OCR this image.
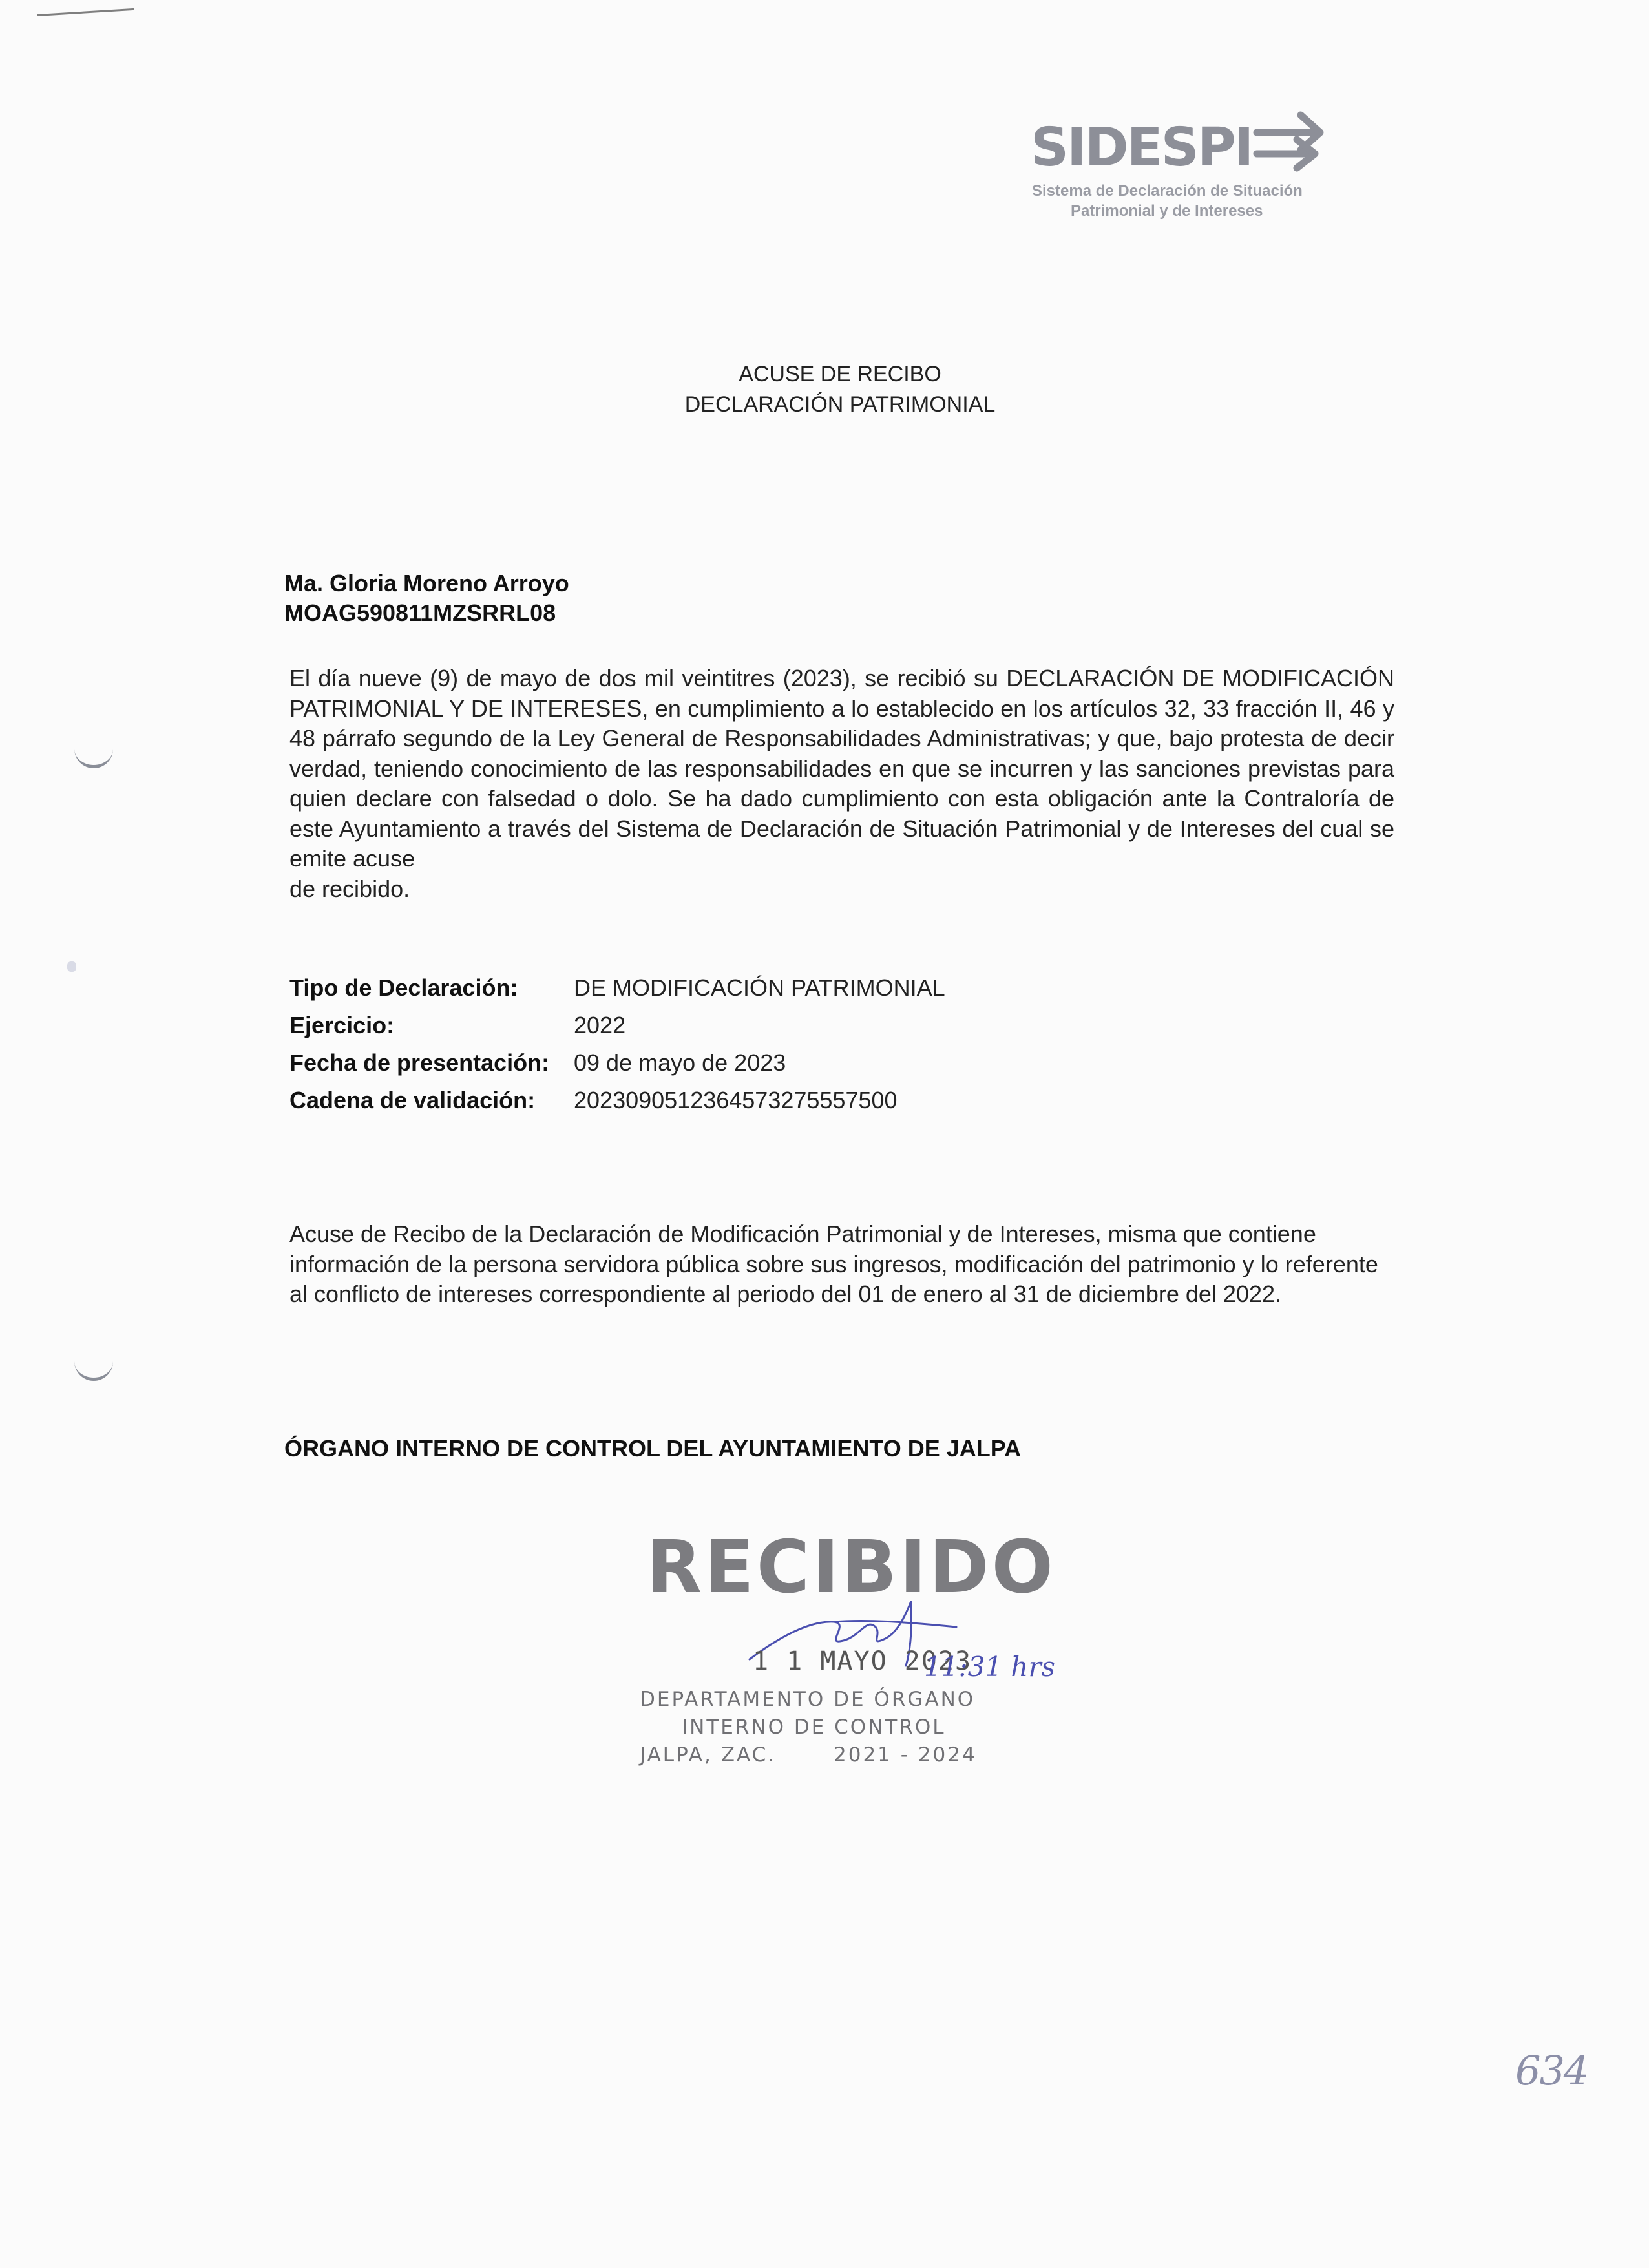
SIDESPI
Sistema de Declaración de Situación
Patrimonial y de Intereses
ACUSE DE RECIBO
DECLARACIÓN PATRIMONIAL
Ma. Gloria Moreno Arroyo
MOAG590811MZSRRL08
El día nueve (9) de mayo de dos mil veintitres (2023), se recibió su DECLARACIÓN DE MODIFICACIÓN PATRIMONIAL Y DE INTERESES, en cumplimiento a lo establecido en los artículos 32, 33 fracción II, 46 y 48 párrafo segundo de la Ley General de Responsabilidades Administrativas; y que, bajo protesta de decir verdad, teniendo conocimiento de las responsabilidades en que se incurren y las sanciones previstas para quien declare con falsedad o dolo. Se ha dado cumplimiento con esta obligación ante la Contraloría de este Ayuntamiento a través del Sistema de Declaración de Situación Patrimonial y de Intereses del cual se emite acuse
de recibido.
Tipo de Declaración: DE MODIFICACIÓN PATRIMONIAL
Ejercicio:	2022
Fecha de presentación: 09 de mayo de 2023
Cadena de validación: 20230905123645732755575​00
Acuse de Recibo de la Declaración de Modificación Patrimonial y de Intereses, misma que contiene información de la persona servidora pública sobre sus ingresos, modificación del patrimonio y lo referente al conflicto de intereses correspondiente al periodo del 01 de enero al 31 de diciembre del 2022.
ÓRGANO INTERNO DE CONTROL DEL AYUNTAMIENTO DE JALPA
RECIBIDO
1 1 MAYO 2023
11:31 hrs
DEPARTAMENTO DE ÓRGANO
INTERNO DE CONTROL
JALPA, ZAC.	2021 - 2024
634
